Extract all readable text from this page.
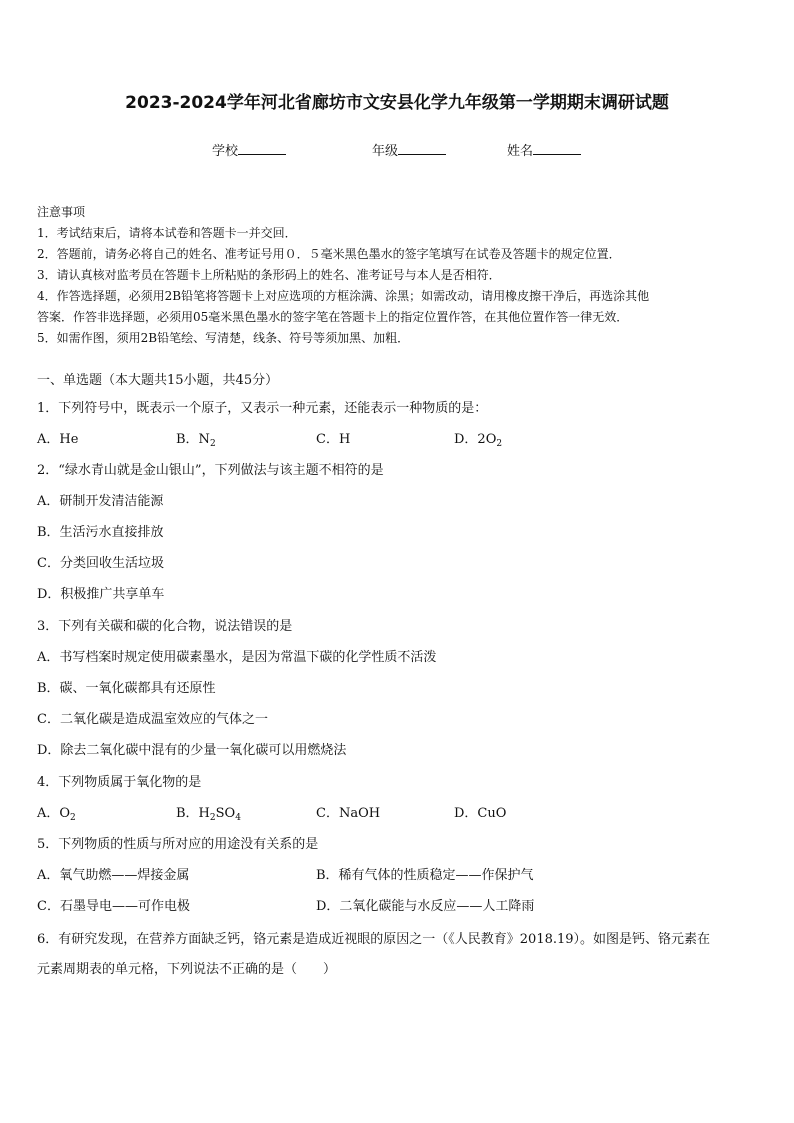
2023-2024学年河北省廊坊市文安县化学九年级第一学期期末调研试题
学校	年级	姓名
注意事项
1．考试结束后，请将本试卷和答题卡一并交回．
2．答题前，请务必将自己的姓名、准考证号用０．５毫米黑色墨水的签字笔填写在试卷及答题卡的规定位置．
3．请认真核对监考员在答题卡上所粘贴的条形码上的姓名、准考证号与本人是否相符．
4．作答选择题，必须用2B铅笔将答题卡上对应选项的方框涂满、涂黑；如需改动，请用橡皮擦干净后，再选涂其他
答案．作答非选择题，必须用05毫米黑色墨水的签字笔在答题卡上的指定位置作答，在其他位置作答一律无效．
5．如需作图，须用2B铅笔绘、写清楚，线条、符号等须加黑、加粗．
一、单选题（本大题共15小题，共45分）
1．下列符号中，既表示一个原子，又表示一种元素，还能表示一种物质的是：
A．He	B．$N_2$	C．H	D．$2O_2$
2．“绿水青山就是金山银山”，下列做法与该主题不相符的是
A．研制开发清洁能源
B．生活污水直接排放
C．分类回收生活垃圾
D．积极推广共享单车
3．下列有关碳和碳的化合物，说法错误的是
A．书写档案时规定使用碳素墨水，是因为常温下碳的化学性质不活泼
B．碳、一氧化碳都具有还原性
C．二氧化碳是造成温室效应的气体之一
D．除去二氧化碳中混有的少量一氧化碳可以用燃烧法
4．下列物质属于氧化物的是
A．$O_2$	B．$H_2SO_4$	C．NaOH	D．CuO
5．下列物质的性质与所对应的用途没有关系的是
A．氧气助燃——焊接金属	B．稀有气体的性质稳定——作保护气
C．石墨导电——可作电极	D．二氧化碳能与水反应——人工降雨
6．有研究发现，在营养方面缺乏钙，铬元素是造成近视眼的原因之一（《人民教育》2018.19）。如图是钙、铬元素在
元素周期表的单元格，下列说法不正确的是（　　）
